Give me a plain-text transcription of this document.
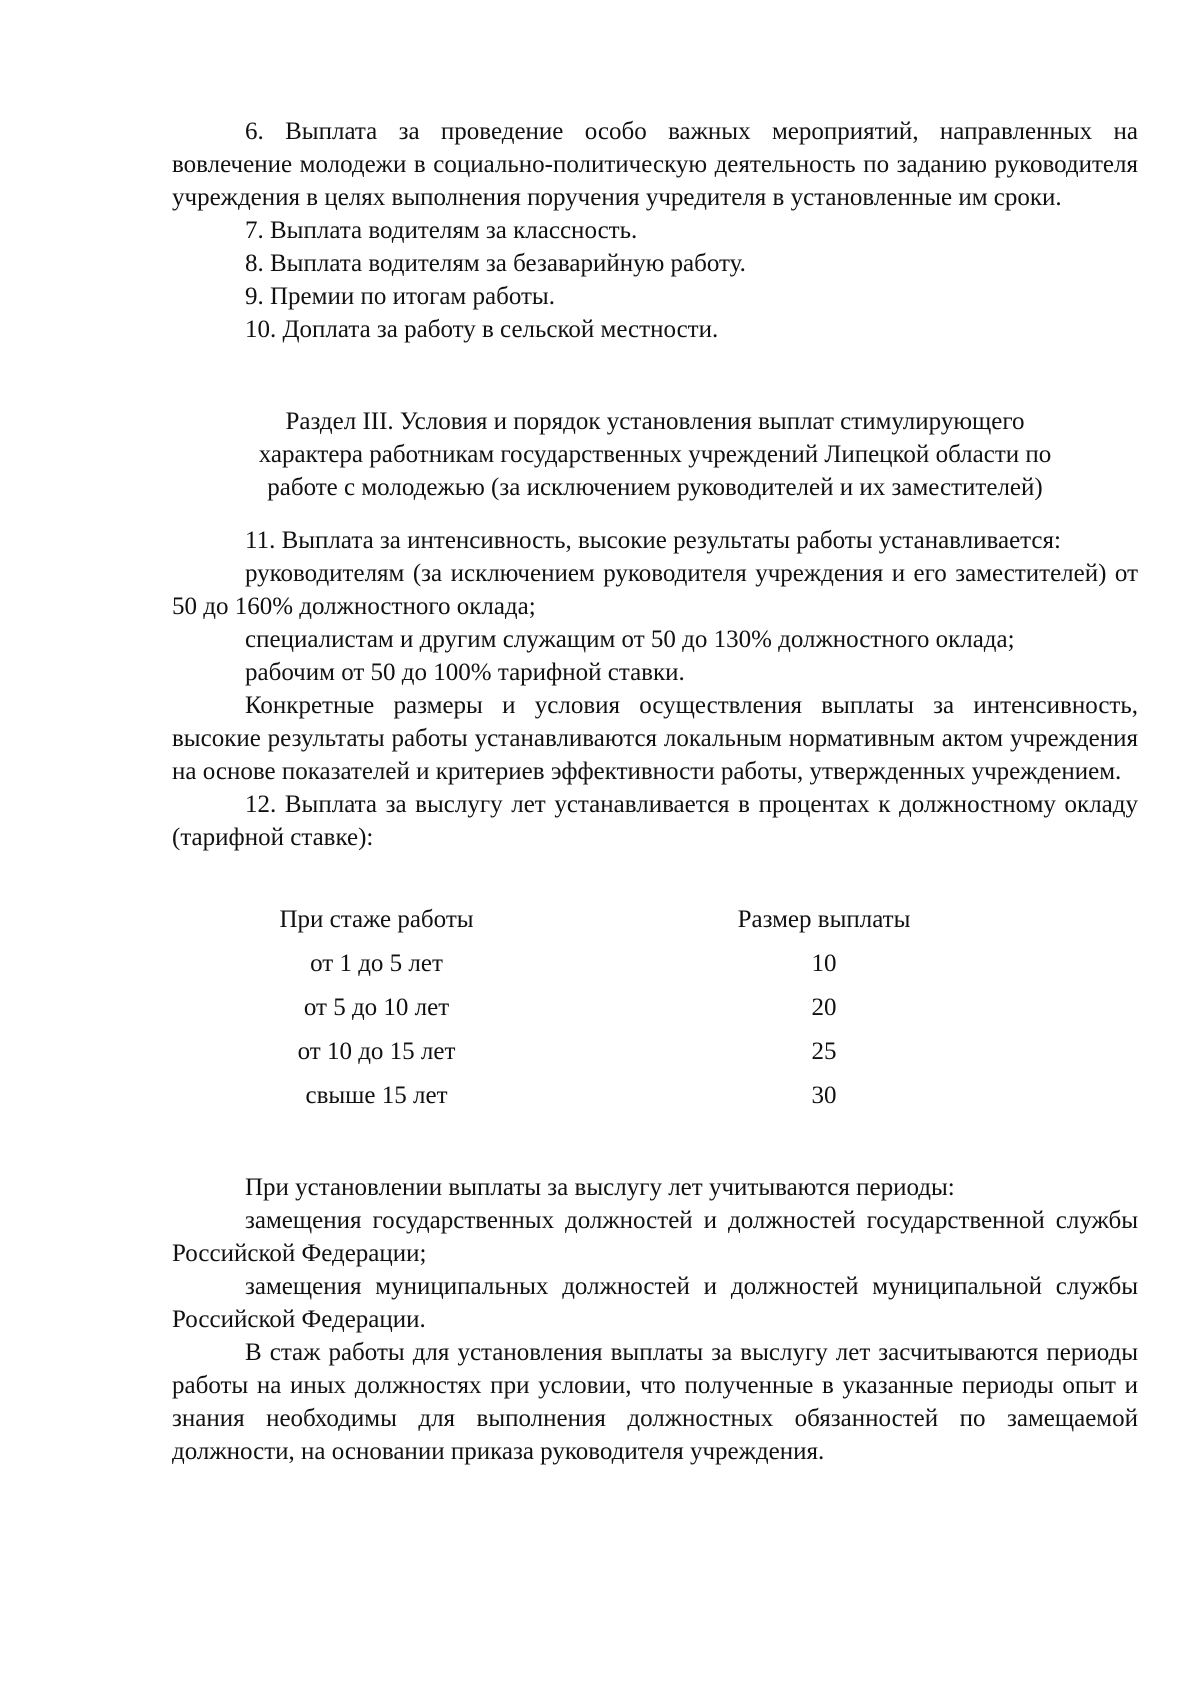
6. Выплата за проведение особо важных мероприятий, направленных на вовлечение молодежи в социально-политическую деятельность по заданию руководителя учреждения в целях выполнения поручения учредителя в установленные им сроки.

7. Выплата водителям за классность.

8. Выплата водителям за безаварийную работу.

9. Премии по итогам работы.

10. Доплата за работу в сельской местности.

Раздел III. Условия и порядок установления выплат стимулирующего
характера работникам государственных учреждений Липецкой области по
работе с молодежью (за исключением руководителей и их заместителей)

11. Выплата за интенсивность, высокие результаты работы устанавливается:

руководителям (за исключением руководителя учреждения и его заместителей) от 50 до 160% должностного оклада;

специалистам и другим служащим от 50 до 130% должностного оклада;

рабочим от 50 до 100% тарифной ставки.

Конкретные размеры и условия осуществления выплаты за интенсивность, высокие результаты работы устанавливаются локальным нормативным актом учреждения на основе показателей и критериев эффективности работы, утвержденных учреждением.

12. Выплата за выслугу лет устанавливается в процентах к должностному окладу (тарифной ставке):

При стаже работы	Размер выплаты
от 1 до 5 лет	10
от 5 до 10 лет	20
от 10 до 15 лет	25
свыше 15 лет	30

При установлении выплаты за выслугу лет учитываются периоды:

замещения государственных должностей и должностей государственной службы Российской Федерации;

замещения муниципальных должностей и должностей муниципальной службы Российской Федерации.

В стаж работы для установления выплаты за выслугу лет засчитываются периоды работы на иных должностях при условии, что полученные в указанные периоды опыт и знания необходимы для выполнения должностных обязанностей по замещаемой должности, на основании приказа руководителя учреждения.
